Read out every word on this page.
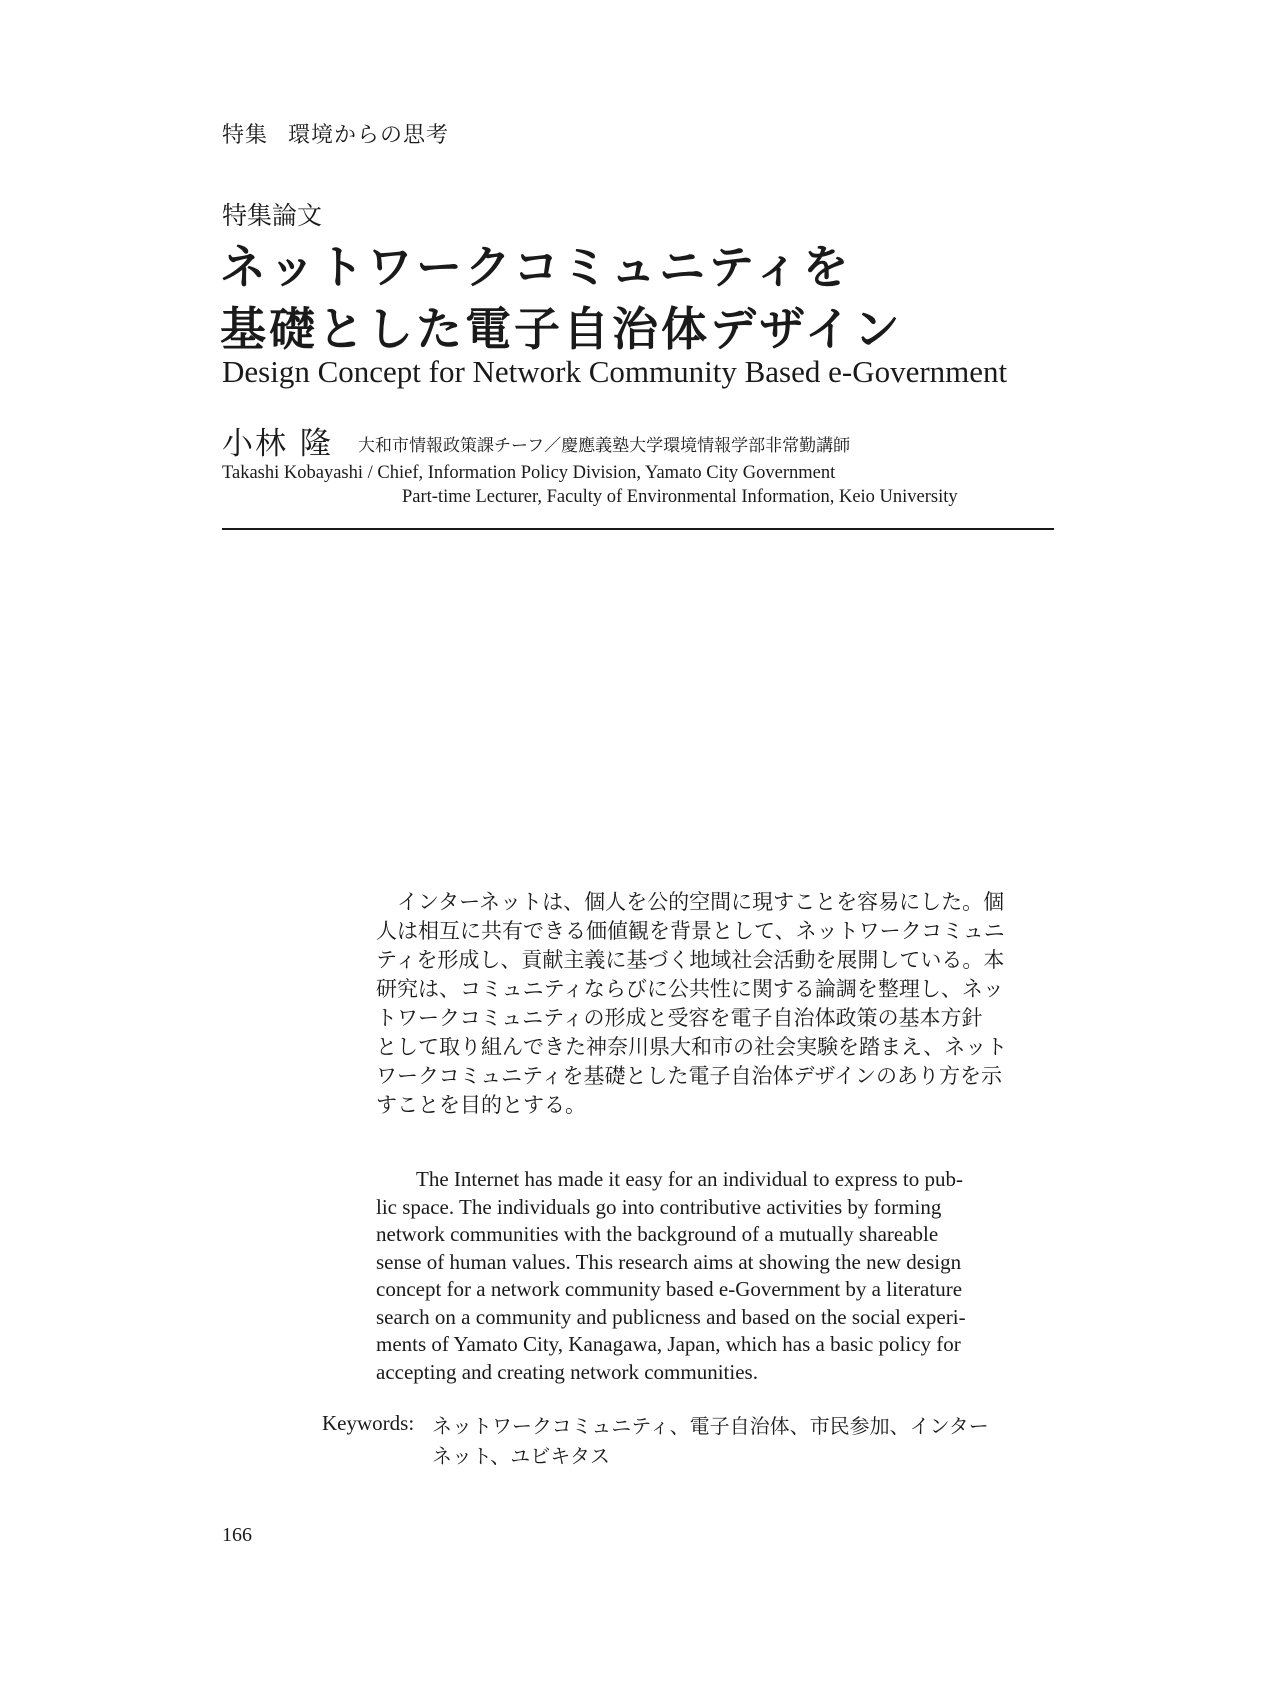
特集 環境からの思考
特集論文
ネットワークコミュニティを
基礎とした電子自治体デザイン
Design Concept for Network Community Based e-Government
小林 隆 大和市情報政策課チーフ／慶應義塾大学環境情報学部非常勤講師
Takashi Kobayashi / Chief, Information Policy Division, Yamato City Government
Part-time Lecturer, Faculty of Environmental Information, Keio University
　インターネットは、個人を公的空間に現すことを容易にした。個
人は相互に共有できる価値観を背景として、ネットワークコミュニ
ティを形成し、貢献主義に基づく地域社会活動を展開している。本
研究は、コミュニティならびに公共性に関する論調を整理し、ネッ
トワークコミュニティの形成と受容を電子自治体政策の基本方針
として取り組んできた神奈川県大和市の社会実験を踏まえ、ネット
ワークコミュニティを基礎とした電子自治体デザインのあり方を示
すことを目的とする。
The Internet has made it easy for an individual to express to pub-
lic space. The individuals go into contributive activities by forming
network communities with the background of a mutually shareable
sense of human values. This research aims at showing the new design
concept for a network community based e-Government by a literature
search on a community and publicness and based on the social experi-
ments of Yamato City, Kanagawa, Japan, which has a basic policy for
accepting and creating network communities.
Keywords: ネットワークコミュニティ、電子自治体、市民参加、インター
ネット、ユビキタス
166
